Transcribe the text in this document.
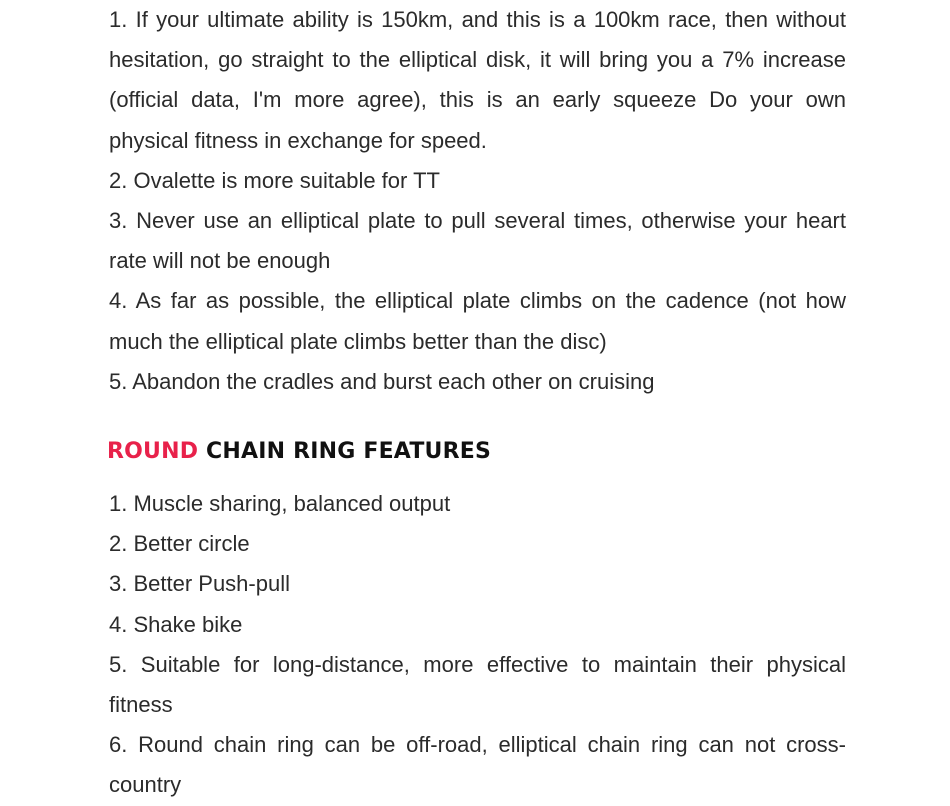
1. If your ultimate ability is 150km, and this is a 100km race, then without hesitation, go straight to the elliptical disk, it will bring you a 7% increase (official data, I'm more agree), this is an early squeeze Do your own physical fitness in exchange for speed.
2. Ovalette is more suitable for TT
3. Never use an elliptical plate to pull several times, otherwise your heart rate will not be enough
4. As far as possible, the elliptical plate climbs on the cadence (not how much the elliptical plate climbs better than the disc)
5. Abandon the cradles and burst each other on cruising
ROUND CHAIN RING FEATURES
1. Muscle sharing, balanced output
2. Better circle
3. Better Push-pull
4. Shake bike
5. Suitable for long-distance, more effective to maintain their physical fitness
6. Round chain ring can be off-road, elliptical chain ring can not cross-country
